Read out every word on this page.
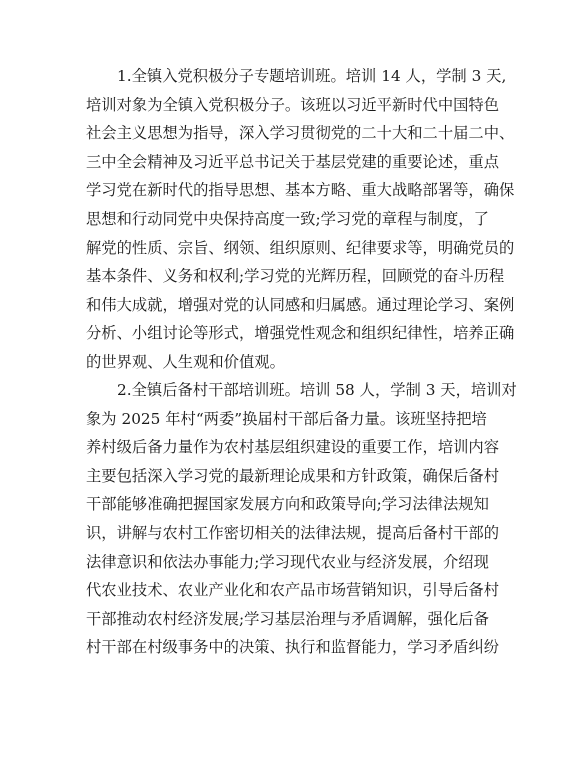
1.全镇入党积极分子专题培训班。培训 14 人，学制 3 天,
培训对象为全镇入党积极分子。该班以习近平新时代中国特色
社会主义思想为指导，深入学习贯彻党的二十大和二十届二中、
三中全会精神及习近平总书记关于基层党建的重要论述，重点
学习党在新时代的指导思想、基本方略、重大战略部署等，确保
思想和行动同党中央保持高度一致;学习党的章程与制度，了
解党的性质、宗旨、纲领、组织原则、纪律要求等，明确党员的
基本条件、义务和权利;学习党的光辉历程，回顾党的奋斗历程
和伟大成就，增强对党的认同感和归属感。通过理论学习、案例
分析、小组讨论等形式，增强党性观念和组织纪律性，培养正确
的世界观、人生观和价值观。
2.全镇后备村干部培训班。培训 58 人，学制 3 天，培训对
象为 2025 年村“两委”换届村干部后备力量。该班坚持把培
养村级后备力量作为农村基层组织建设的重要工作，培训内容
主要包括深入学习党的最新理论成果和方针政策，确保后备村
干部能够准确把握国家发展方向和政策导向;学习法律法规知
识，讲解与农村工作密切相关的法律法规，提高后备村干部的
法律意识和依法办事能力;学习现代农业与经济发展，介绍现
代农业技术、农业产业化和农产品市场营销知识，引导后备村
干部推动农村经济发展;学习基层治理与矛盾调解，强化后备
村干部在村级事务中的决策、执行和监督能力，学习矛盾纠纷
